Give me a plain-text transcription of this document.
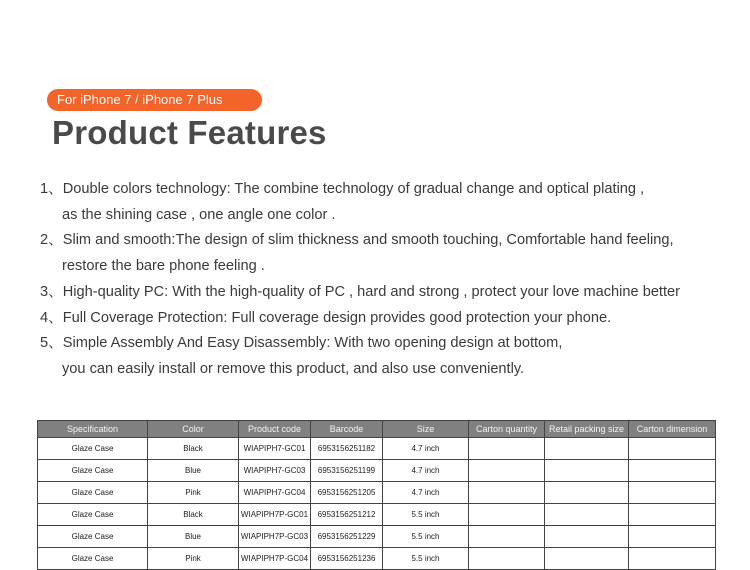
For iPhone 7 / iPhone 7 Plus
Product Features
1、Double colors technology: The combine technology of gradual change and optical plating ,
as the shining case , one angle one color .
2、Slim and smooth:The design of slim thickness and smooth touching, Comfortable hand feeling,
restore the bare phone feeling .
3、High-quality PC: With the high-quality of PC , hard and strong , protect your love machine better
4、Full Coverage Protection: Full coverage design provides good protection your phone.
5、Simple Assembly And Easy Disassembly: With two opening design at bottom,
you can easily install or remove this product, and also use conveniently.
Specification	Color	Product code	Barcode	Size	Carton quantity	Retail packing size	Carton dimension
Glaze Case	Black	WIAPIPH7-GC01	6953156251182	4.7 inch			
Glaze Case	Blue	WIAPIPH7-GC03	6953156251199	4.7 inch			
Glaze Case	Pink	WIAPIPH7-GC04	6953156251205	4.7 inch			
Glaze Case	Black	WIAPIPH7P-GC01	6953156251212	5.5 inch			
Glaze Case	Blue	WIAPIPH7P-GC03	6953156251229	5.5 inch			
Glaze Case	Pink	WIAPIPH7P-GC04	6953156251236	5.5 inch			
